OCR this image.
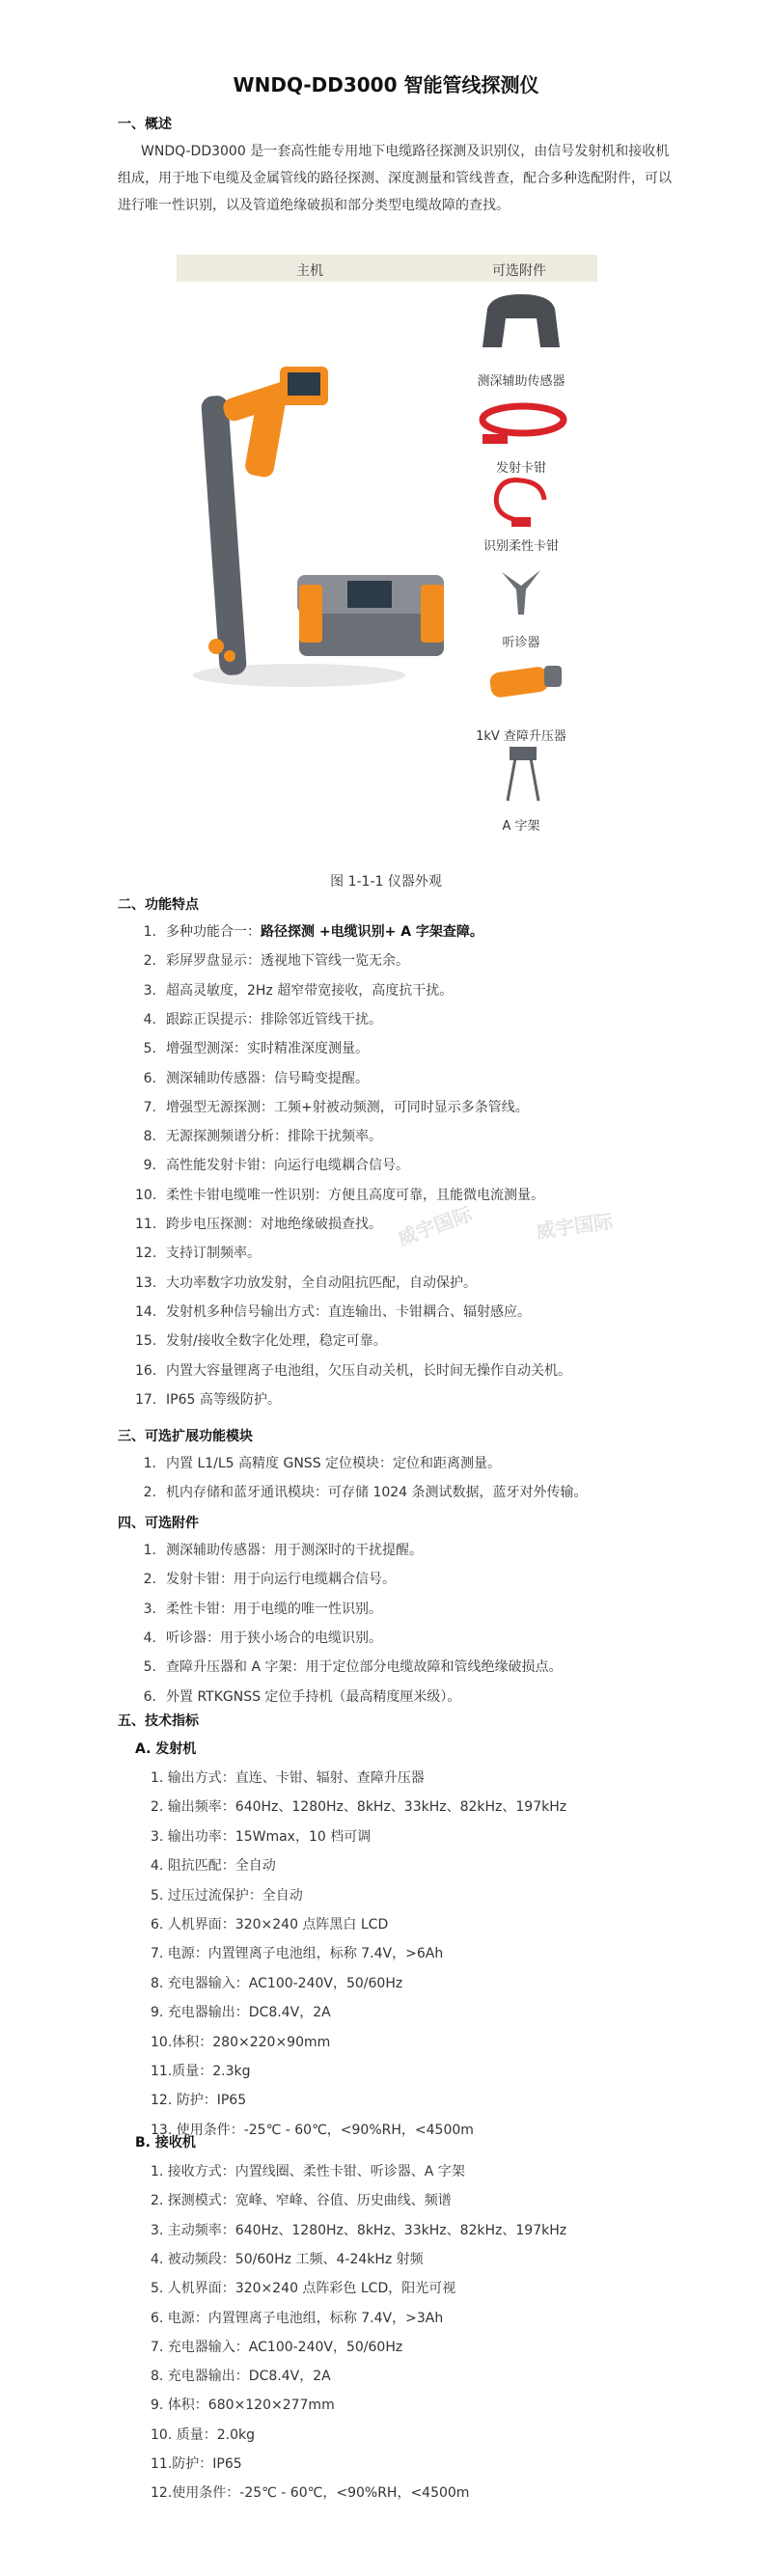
WNDQ-DD3000 智能管线探测仪
一、概述
WNDQ-DD3000 是一套高性能专用地下电缆路径探测及识别仪，由信号发射机和接收机组成，用于地下电缆及金属管线的路径探测、深度测量和管线普查，配合多种选配附件，可以进行唯一性识别，以及管道绝缘破损和部分类型电缆故障的查找。
主机	可选附件
测深辅助传感器
发射卡钳
识别柔性卡钳
听诊器
1kV 查障升压器
A 字架
图 1-1-1 仪器外观
二、功能特点
1. 多种功能合一：路径探测 +电缆识别+ A 字架查障。
2. 彩屏罗盘显示：透视地下管线一览无余。
3. 超高灵敏度，2Hz 超窄带宽接收，高度抗干扰。
4. 跟踪正误提示：排除邻近管线干扰。
5. 增强型测深：实时精准深度测量。
6. 测深辅助传感器：信号畸变提醒。
7. 增强型无源探测：工频+射被动频测，可同时显示多条管线。
8. 无源探测频谱分析：排除干扰频率。
9. 高性能发射卡钳：向运行电缆耦合信号。
10. 柔性卡钳电缆唯一性识别：方便且高度可靠，且能微电流测量。
11. 跨步电压探测：对地绝缘破损查找。
12. 支持订制频率。
13. 大功率数字功放发射，全自动阻抗匹配，自动保护。
14. 发射机多种信号输出方式：直连输出、卡钳耦合、辐射感应。
15. 发射/接收全数字化处理，稳定可靠。
16. 内置大容量锂离子电池组，欠压自动关机，长时间无操作自动关机。
17. IP65 高等级防护。
威宇国际	威宇国际
三、可选扩展功能模块
1. 内置 L1/L5 高精度 GNSS 定位模块：定位和距离测量。
2. 机内存储和蓝牙通讯模块：可存储 1024 条测试数据，蓝牙对外传输。
四、可选附件
1. 测深辅助传感器：用于测深时的干扰提醒。
2. 发射卡钳：用于向运行电缆耦合信号。
3. 柔性卡钳：用于电缆的唯一性识别。
4. 听诊器：用于狭小场合的电缆识别。
5. 查障升压器和 A 字架：用于定位部分电缆故障和管线绝缘破损点。
6. 外置 RTKGNSS 定位手持机（最高精度厘米级）。
五、技术指标
A. 发射机
1. 输出方式：直连、卡钳、辐射、查障升压器
2. 输出频率：640Hz、1280Hz、8kHz、33kHz、82kHz、197kHz
3. 输出功率：15Wmax，10 档可调
4. 阻抗匹配：全自动
5. 过压过流保护：全自动
6. 人机界面：320×240 点阵黑白 LCD
7. 电源：内置锂离子电池组，标称 7.4V，>6Ah
8. 充电器输入：AC100-240V，50/60Hz
9. 充电器输出：DC8.4V，2A
10.体积：280×220×90mm
11.质量：2.3kg
12. 防护：IP65
13. 使用条件：-25℃ - 60℃，<90%RH，<4500m
B. 接收机
1. 接收方式：内置线圈、柔性卡钳、听诊器、A 字架
2. 探测模式：宽峰、窄峰、谷值、历史曲线、频谱
3. 主动频率：640Hz、1280Hz、8kHz、33kHz、82kHz、197kHz
4. 被动频段：50/60Hz 工频、4-24kHz 射频
5. 人机界面：320×240 点阵彩色 LCD，阳光可视
6. 电源：内置锂离子电池组，标称 7.4V，>3Ah
7. 充电器输入：AC100-240V，50/60Hz
8. 充电器输出：DC8.4V，2A
9. 体积：680×120×277mm
10. 质量：2.0kg
11.防护：IP65
12.使用条件：-25℃ - 60℃，<90%RH，<4500m
